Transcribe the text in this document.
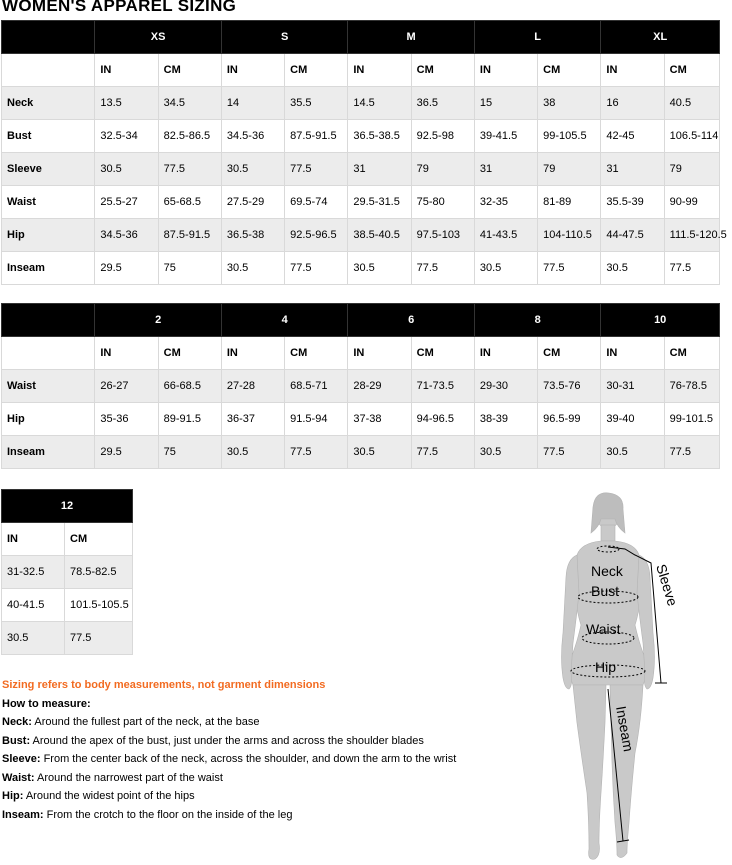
WOMEN'S APPAREL SIZING
	XS		S		M		L		XL	
	IN	CM	IN	CM	IN	CM	IN	CM	IN	CM
Neck	13.5	34.5	14	35.5	14.5	36.5	15	38	16	40.5
Bust	32.5-34	82.5-86.5	34.5-36	87.5-91.5	36.5-38.5	92.5-98	39-41.5	99-105.5	42-45	106.5-114
Sleeve	30.5	77.5	30.5	77.5	31	79	31	79	31	79
Waist	25.5-27	65-68.5	27.5-29	69.5-74	29.5-31.5	75-80	32-35	81-89	35.5-39	90-99
Hip	34.5-36	87.5-91.5	36.5-38	92.5-96.5	38.5-40.5	97.5-103	41-43.5	104-110.5	44-47.5	111.5-120.5
Inseam	29.5	75	30.5	77.5	30.5	77.5	30.5	77.5	30.5	77.5
	2		4		6		8		10	
	IN	CM	IN	CM	IN	CM	IN	CM	IN	CM
Waist	26-27	66-68.5	27-28	68.5-71	28-29	71-73.5	29-30	73.5-76	30-31	76-78.5
Hip	35-36	89-91.5	36-37	91.5-94	37-38	94-96.5	38-39	96.5-99	39-40	99-101.5
Inseam	29.5	75	30.5	77.5	30.5	77.5	30.5	77.5	30.5	77.5
12	
IN	CM
31-32.5	78.5-82.5
40-41.5	101.5-105.5
30.5	77.5
Sizing refers to body measurements, not garment dimensions
How to measure:
Neck: Around the fullest part of the neck, at the base
Bust: Around the apex of the bust, just under the arms and across the shoulder blades
Sleeve: From the center back of the neck, across the shoulder, and down the arm to the wrist
Waist: Around the narrowest part of the waist
Hip: Around the widest point of the hips
Inseam: From the crotch to the floor on the inside of the leg
Neck
Bust
Waist
Hip
Sleeve
Inseam
